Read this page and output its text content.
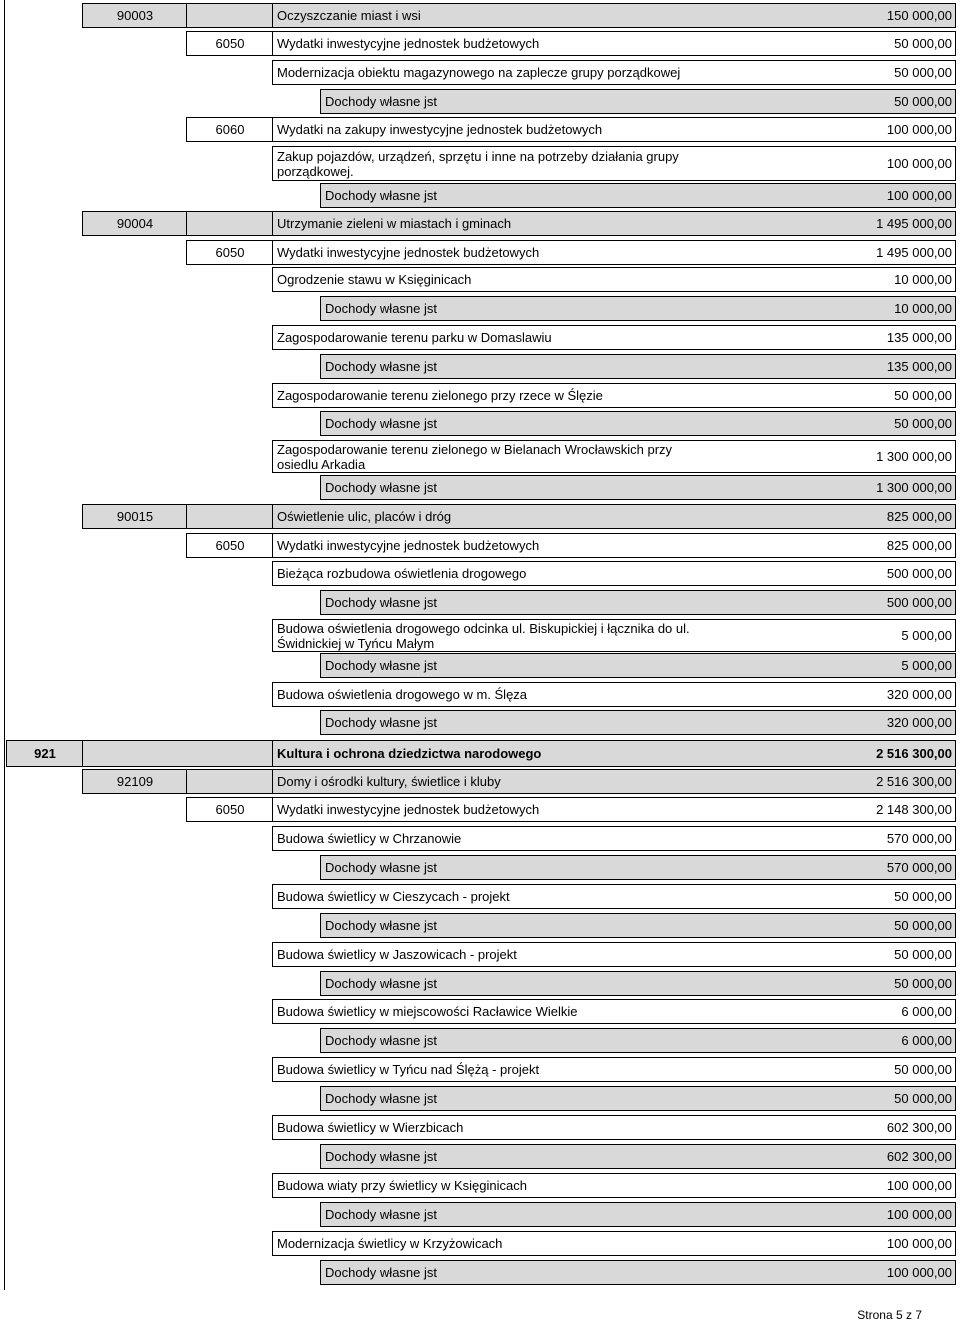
90003	Oczyszczanie miast i wsi	150 000,00
6050	Wydatki inwestycyjne jednostek budżetowych	50 000,00
Modernizacja obiektu magazynowego na zaplecze grupy porządkowej	50 000,00
Dochody własne jst	50 000,00
6060	Wydatki na zakupy inwestycyjne jednostek budżetowych	100 000,00
Zakup pojazdów, urządzeń, sprzętu i inne na potrzeby działania grupy porządkowej.	100 000,00
Dochody własne jst	100 000,00
90004	Utrzymanie zieleni w miastach i gminach	1 495 000,00
6050	Wydatki inwestycyjne jednostek budżetowych	1 495 000,00
Ogrodzenie stawu w Księginicach	10 000,00
Dochody własne jst	10 000,00
Zagospodarowanie terenu parku w Domaslawiu	135 000,00
Dochody własne jst	135 000,00
Zagospodarowanie terenu zielonego przy rzece w Ślęzie	50 000,00
Dochody własne jst	50 000,00
Zagospodarowanie terenu zielonego w Bielanach Wrocławskich przy osiedlu Arkadia	1 300 000,00
Dochody własne jst	1 300 000,00
90015	Oświetlenie ulic, placów i dróg	825 000,00
6050	Wydatki inwestycyjne jednostek budżetowych	825 000,00
Bieżąca rozbudowa oświetlenia drogowego	500 000,00
Dochody własne jst	500 000,00
Budowa oświetlenia drogowego odcinka ul. Biskupickiej i łącznika do ul. Świdnickiej w Tyńcu Małym	5 000,00
Dochody własne jst	5 000,00
Budowa oświetlenia drogowego w m. Ślęza	320 000,00
Dochody własne jst	320 000,00
921	Kultura i ochrona dziedzictwa narodowego	2 516 300,00
92109	Domy i ośrodki kultury, świetlice i kluby	2 516 300,00
6050	Wydatki inwestycyjne jednostek budżetowych	2 148 300,00
Budowa świetlicy w Chrzanowie	570 000,00
Dochody własne jst	570 000,00
Budowa świetlicy w Cieszycach - projekt	50 000,00
Dochody własne jst	50 000,00
Budowa świetlicy w Jaszowicach - projekt	50 000,00
Dochody własne jst	50 000,00
Budowa świetlicy w miejscowości Racławice Wielkie	6 000,00
Dochody własne jst	6 000,00
Budowa świetlicy w Tyńcu nad Ślężą - projekt	50 000,00
Dochody własne jst	50 000,00
Budowa świetlicy w Wierzbicach	602 300,00
Dochody własne jst	602 300,00
Budowa wiaty przy świetlicy w Księginicach	100 000,00
Dochody własne jst	100 000,00
Modernizacja świetlicy w Krzyżowicach	100 000,00
Dochody własne jst	100 000,00
Strona 5 z 7
